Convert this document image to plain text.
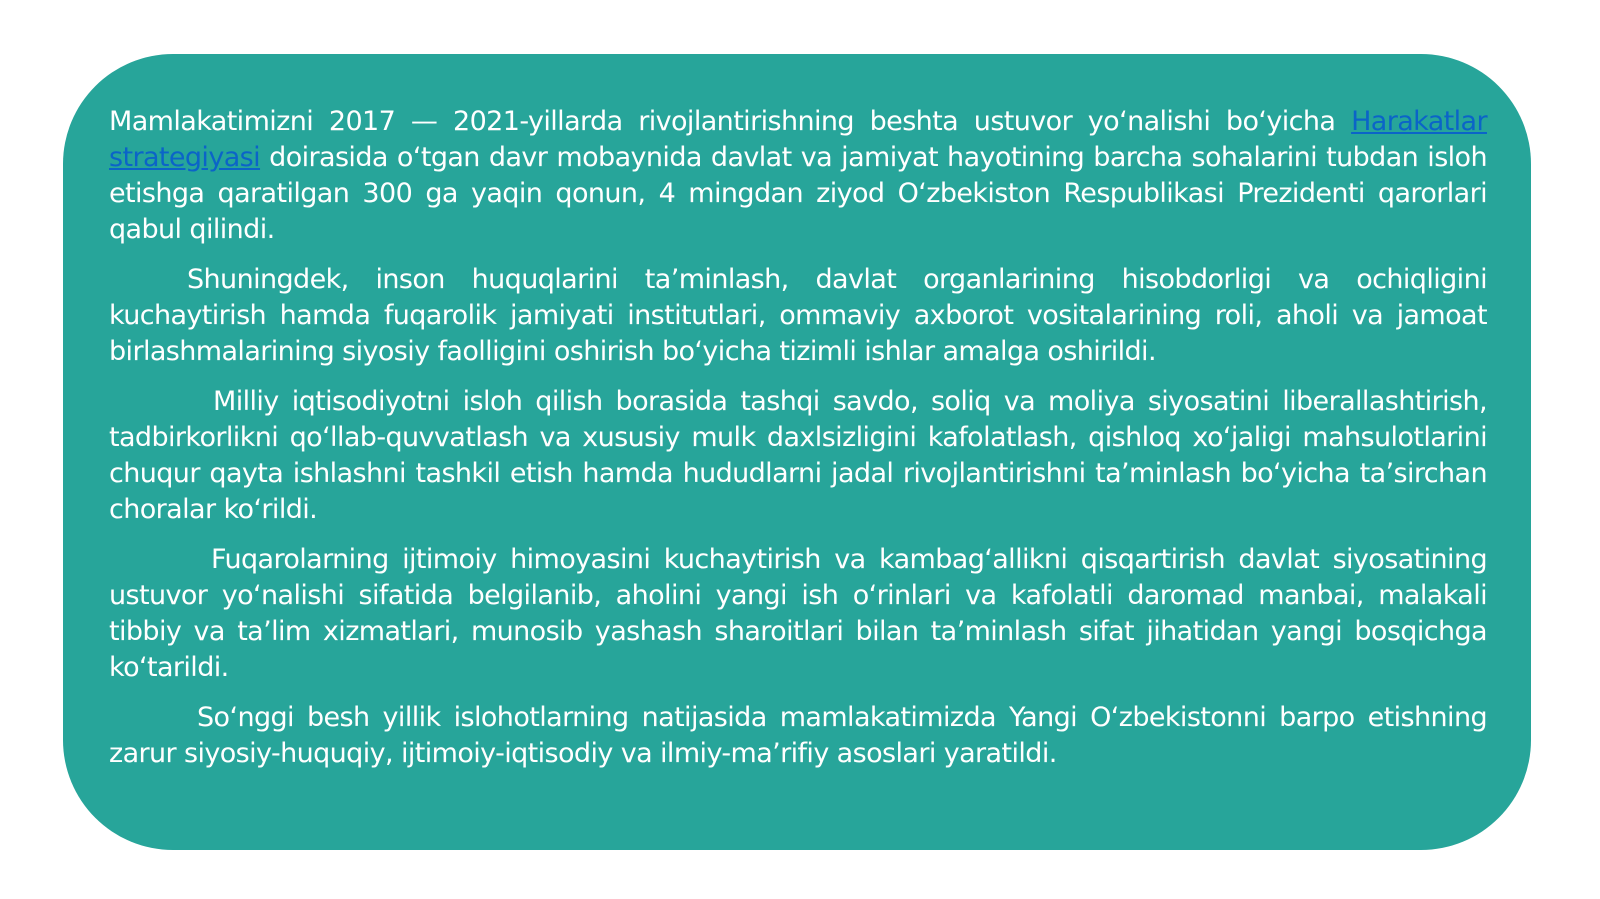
Mamlakatimizni 2017 — 2021-yillarda rivojlantirishning beshta ustuvor yo‘nalishi bo‘yicha Harakatlar strategiyasi doirasida o‘tgan davr mobaynida davlat va jamiyat hayotining barcha sohalarini tubdan isloh etishga qaratilgan 300 ga yaqin qonun, 4 mingdan ziyod O‘zbekiston Respublikasi Prezidenti qarorlari qabul qilindi.

Shuningdek, inson huquqlarini ta’minlash, davlat organlarining hisobdorligi va ochiqligini kuchaytirish hamda fuqarolik jamiyati institutlari, ommaviy axborot vositalarining roli, aholi va jamoat birlashmalarining siyosiy faolligini oshirish bo‘yicha tizimli ishlar amalga oshirildi.

Milliy iqtisodiyotni isloh qilish borasida tashqi savdo, soliq va moliya siyosatini liberallashtirish, tadbirkorlikni qo‘llab-quvvatlash va xususiy mulk daxlsizligini kafolatlash, qishloq xo‘jaligi mahsulotlarini chuqur qayta ishlashni tashkil etish hamda hududlarni jadal rivojlantirishni ta’minlash bo‘yicha ta’sirchan choralar ko‘rildi.

Fuqarolarning ijtimoiy himoyasini kuchaytirish va kambag‘allikni qisqartirish davlat siyosatining ustuvor yo‘nalishi sifatida belgilanib, aholini yangi ish o‘rinlari va kafolatli daromad manbai, malakali tibbiy va ta’lim xizmatlari, munosib yashash sharoitlari bilan ta’minlash sifat jihatidan yangi bosqichga ko‘tarildi.

So‘nggi besh yillik islohotlarning natijasida mamlakatimizda Yangi O‘zbekistonni barpo etishning zarur siyosiy-huquqiy, ijtimoiy-iqtisodiy va ilmiy-ma’rifiy asoslari yaratildi.
